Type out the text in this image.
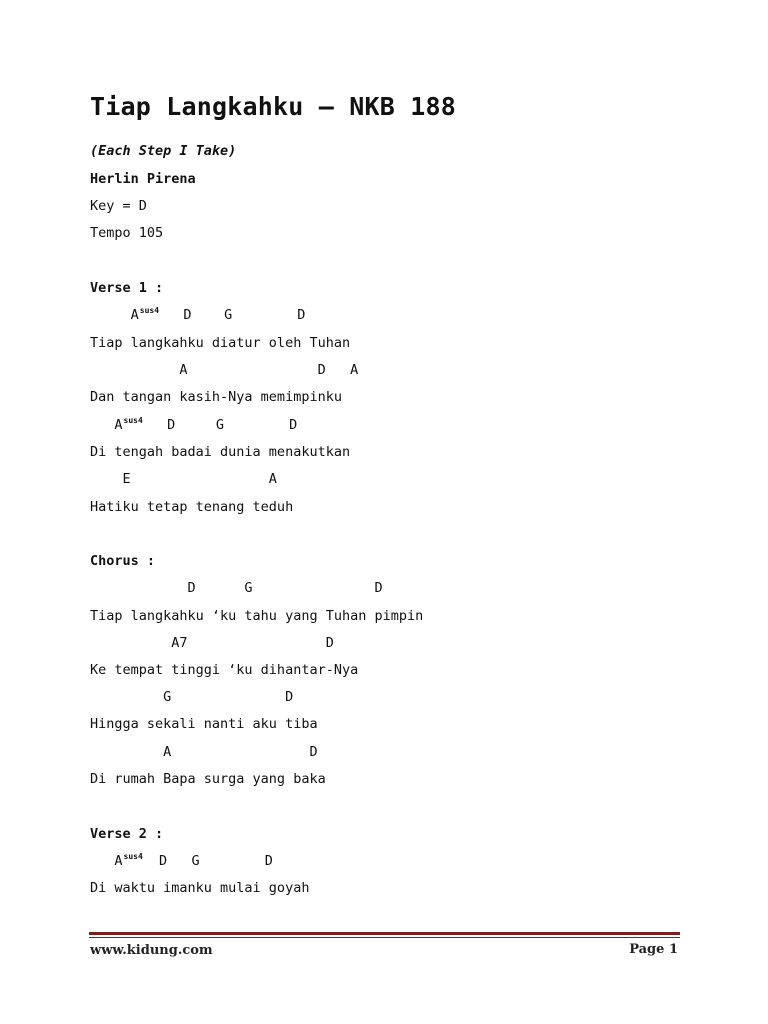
Tiap Langkahku – NKB 188
(Each Step I Take)
Herlin Pirena
Key = D
Tempo 105
Verse 1 :
$A^{sus4}$   D    G        D
Tiap langkahku diatur oleh Tuhan
A                D   A
Dan tangan kasih-Nya memimpinku
$A^{sus4}$   D     G        D
Di tengah badai dunia menakutkan
E                 A
Hatiku tetap tenang teduh
Chorus :
D      G               D
Tiap langkahku ‘ku tahu yang Tuhan pimpin
A7                 D
Ke tempat tinggi ‘ku dihantar-Nya
G              D
Hingga sekali nanti aku tiba
A                 D
Di rumah Bapa surga yang baka
Verse 2 :
$A^{sus4}$  D   G        D
Di waktu imanku mulai goyah
www.kidung.com	Page 1
